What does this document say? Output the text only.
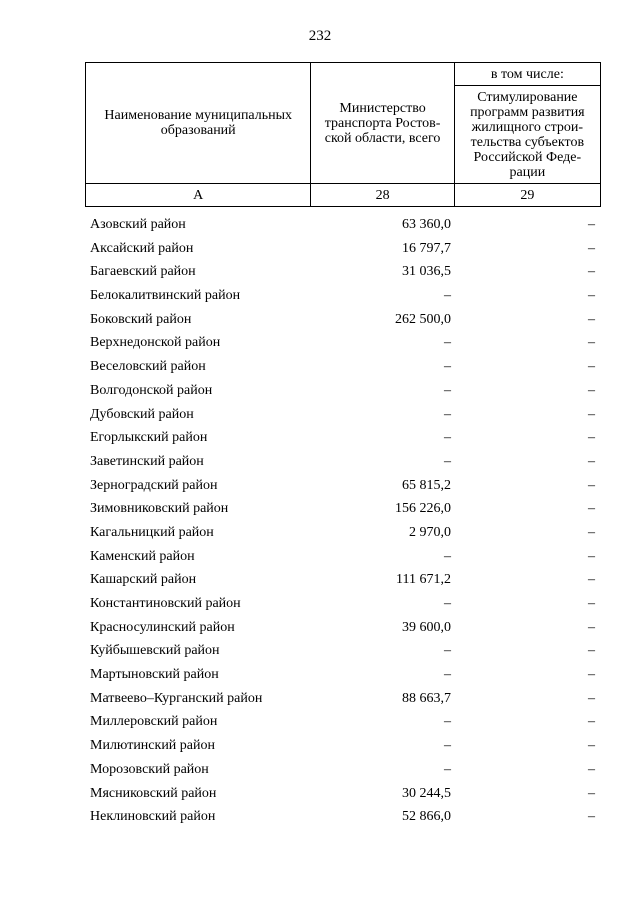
232
Наименование муниципальных образований	Министерство транспорта Ростов-ской области, всего	в том числе:
		Стимулирование программ развития жилищного строи-тельства субъектов Российской Феде-рации
А	28	29
Азовский район	63 360,0	–
Аксайский район	16 797,7	–
Багаевский район	31 036,5	–
Белокалитвинский район	–	–
Боковский район	262 500,0	–
Верхнедонской район	–	–
Веселовский район	–	–
Волгодонской район	–	–
Дубовский район	–	–
Егорлыкский район	–	–
Заветинский район	–	–
Зерноградский район	65 815,2	–
Зимовниковский район	156 226,0	–
Кагальницкий район	2 970,0	–
Каменский район	–	–
Кашарский район	111 671,2	–
Константиновский район	–	–
Красносулинский район	39 600,0	–
Куйбышевский район	–	–
Мартыновский район	–	–
Матвеево–Курганский район	88 663,7	–
Миллеровский район	–	–
Милютинский район	–	–
Морозовский район	–	–
Мясниковский район	30 244,5	–
Неклиновский район	52 866,0	–
